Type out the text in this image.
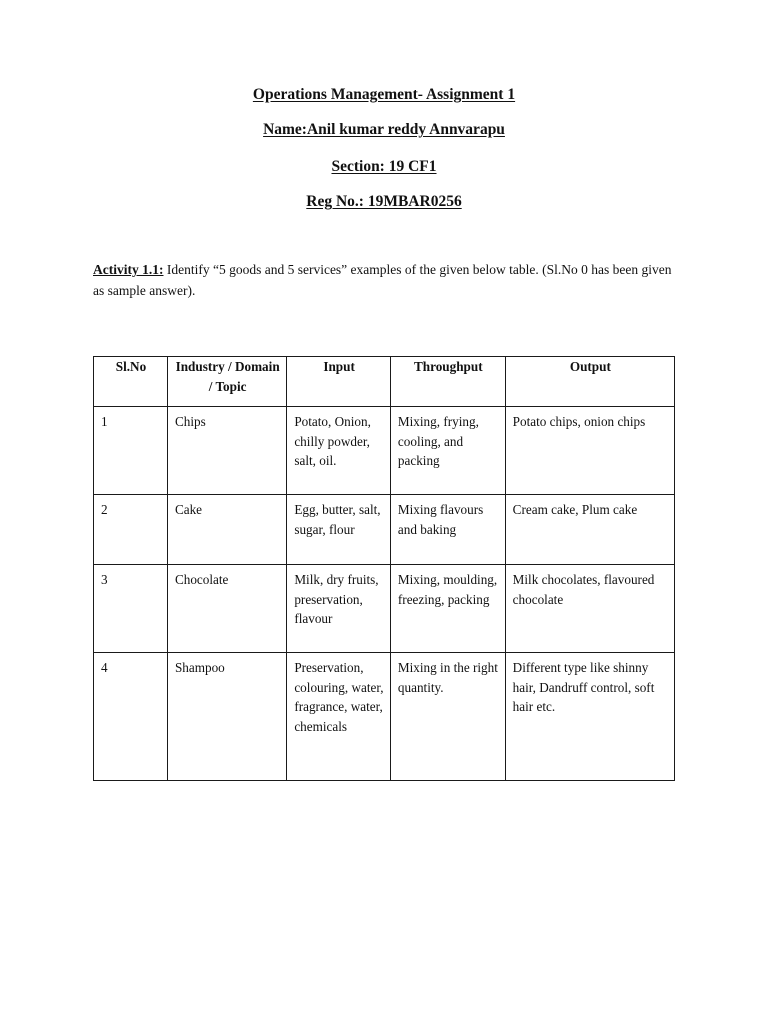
Operations Management- Assignment 1
Name:Anil kumar reddy Annvarapu
Section: 19 CF1
Reg No.: 19MBAR0256
Activity 1.1: Identify “5 goods and 5 services” examples of the given below table. (Sl.No 0 has been given as sample answer).
Sl.No	Industry / Domain / Topic	Input	Throughput	Output
1	Chips	Potato, Onion, chilly powder, salt, oil.	Mixing, frying, cooling, and packing	Potato chips, onion chips
2	Cake	Egg, butter, salt, sugar, flour	Mixing flavours and baking	Cream cake, Plum cake
3	Chocolate	Milk, dry fruits, preservation, flavour	Mixing, moulding, freezing, packing	Milk chocolates, flavoured chocolate
4	Shampoo	Preservation, colouring, water, fragrance, water, chemicals	Mixing in the right quantity.	Different type like shinny hair, Dandruff control, soft hair etc.
